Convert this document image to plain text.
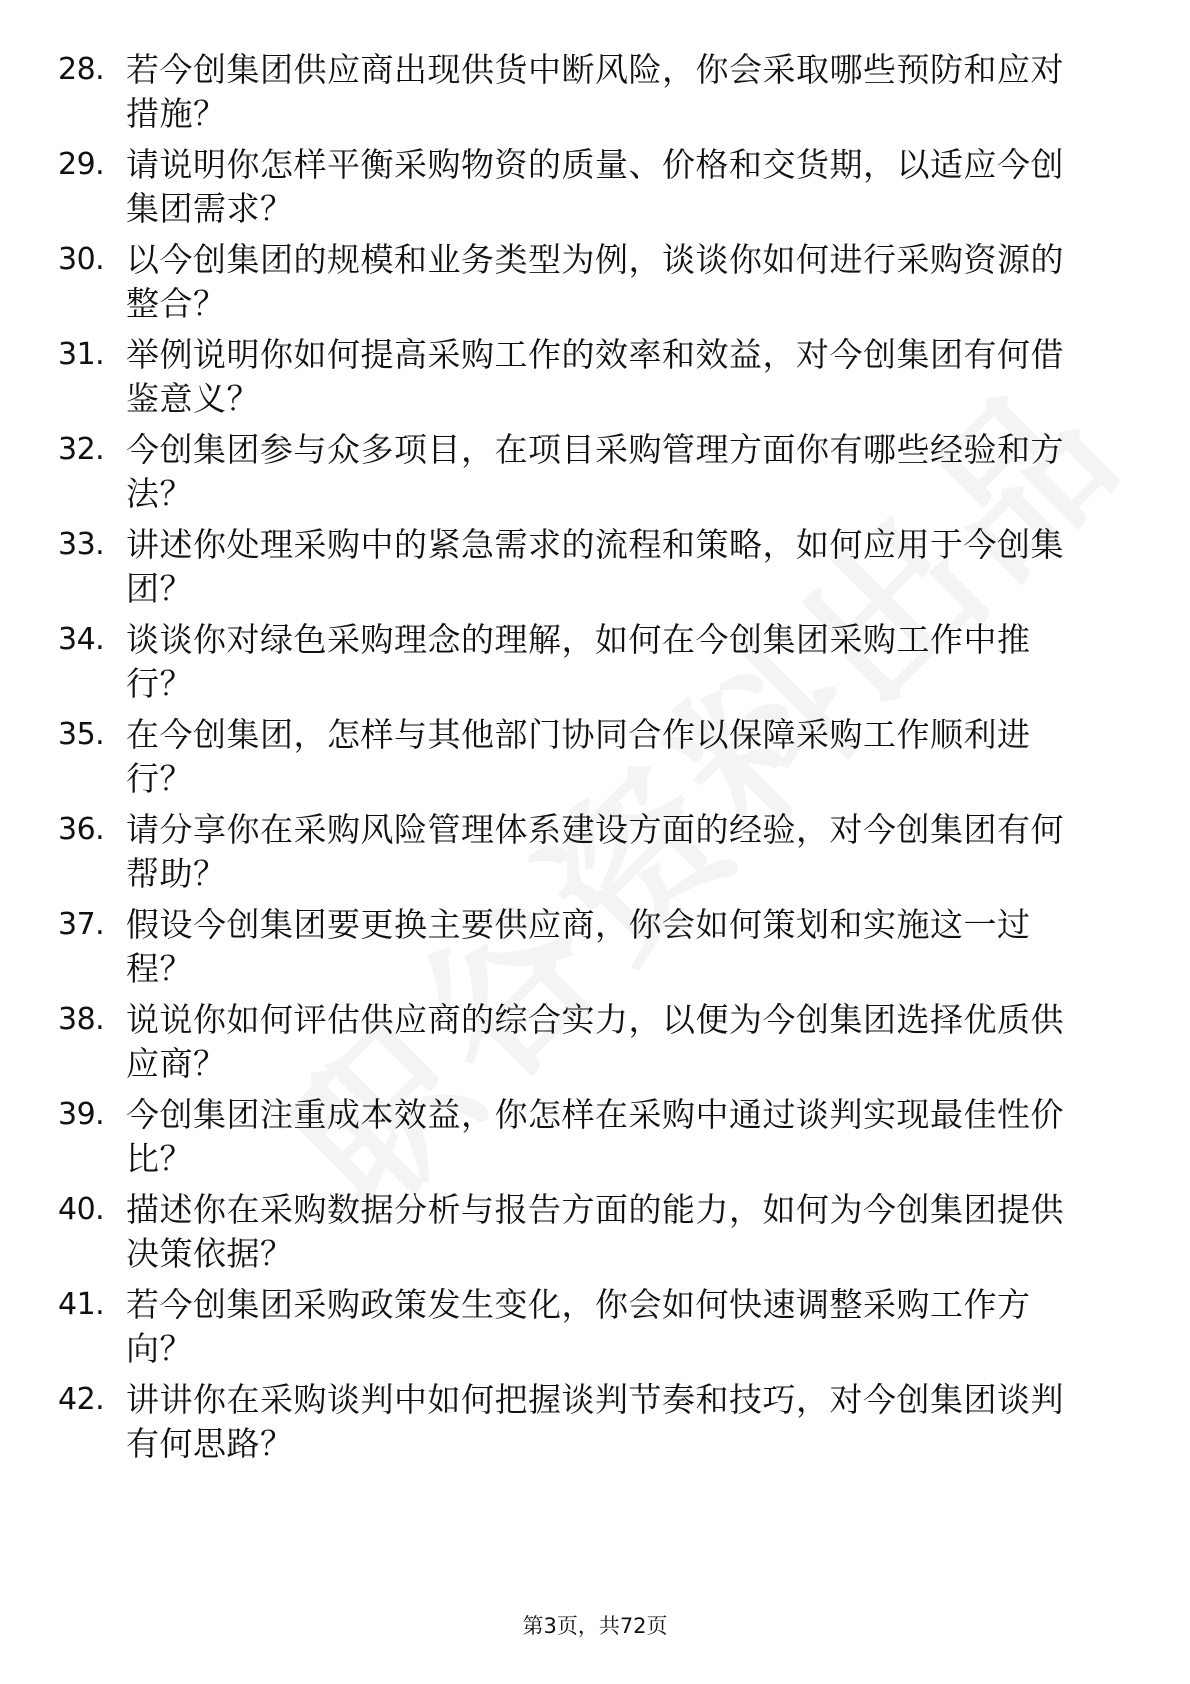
28. 若今创集团供应商出现供货中断风险，你会采取哪些预防和应对措施？
29. 请说明你怎样平衡采购物资的质量、价格和交货期，以适应今创集团需求？
30. 以今创集团的规模和业务类型为例，谈谈你如何进行采购资源的整合？
31. 举例说明你如何提高采购工作的效率和效益，对今创集团有何借鉴意义？
32. 今创集团参与众多项目，在项目采购管理方面你有哪些经验和方法？
33. 讲述你处理采购中的紧急需求的流程和策略，如何应用于今创集团？
34. 谈谈你对绿色采购理念的理解，如何在今创集团采购工作中推行？
35. 在今创集团，怎样与其他部门协同合作以保障采购工作顺利进行？
36. 请分享你在采购风险管理体系建设方面的经验，对今创集团有何帮助？
37. 假设今创集团要更换主要供应商，你会如何策划和实施这一过程？
38. 说说你如何评估供应商的综合实力，以便为今创集团选择优质供应商？
39. 今创集团注重成本效益，你怎样在采购中通过谈判实现最佳性价比？
40. 描述你在采购数据分析与报告方面的能力，如何为今创集团提供决策依据？
41. 若今创集团采购政策发生变化，你会如何快速调整采购工作方向？
42. 讲讲你在采购谈判中如何把握谈判节奏和技巧，对今创集团谈判有何思路？
第3页，共72页
